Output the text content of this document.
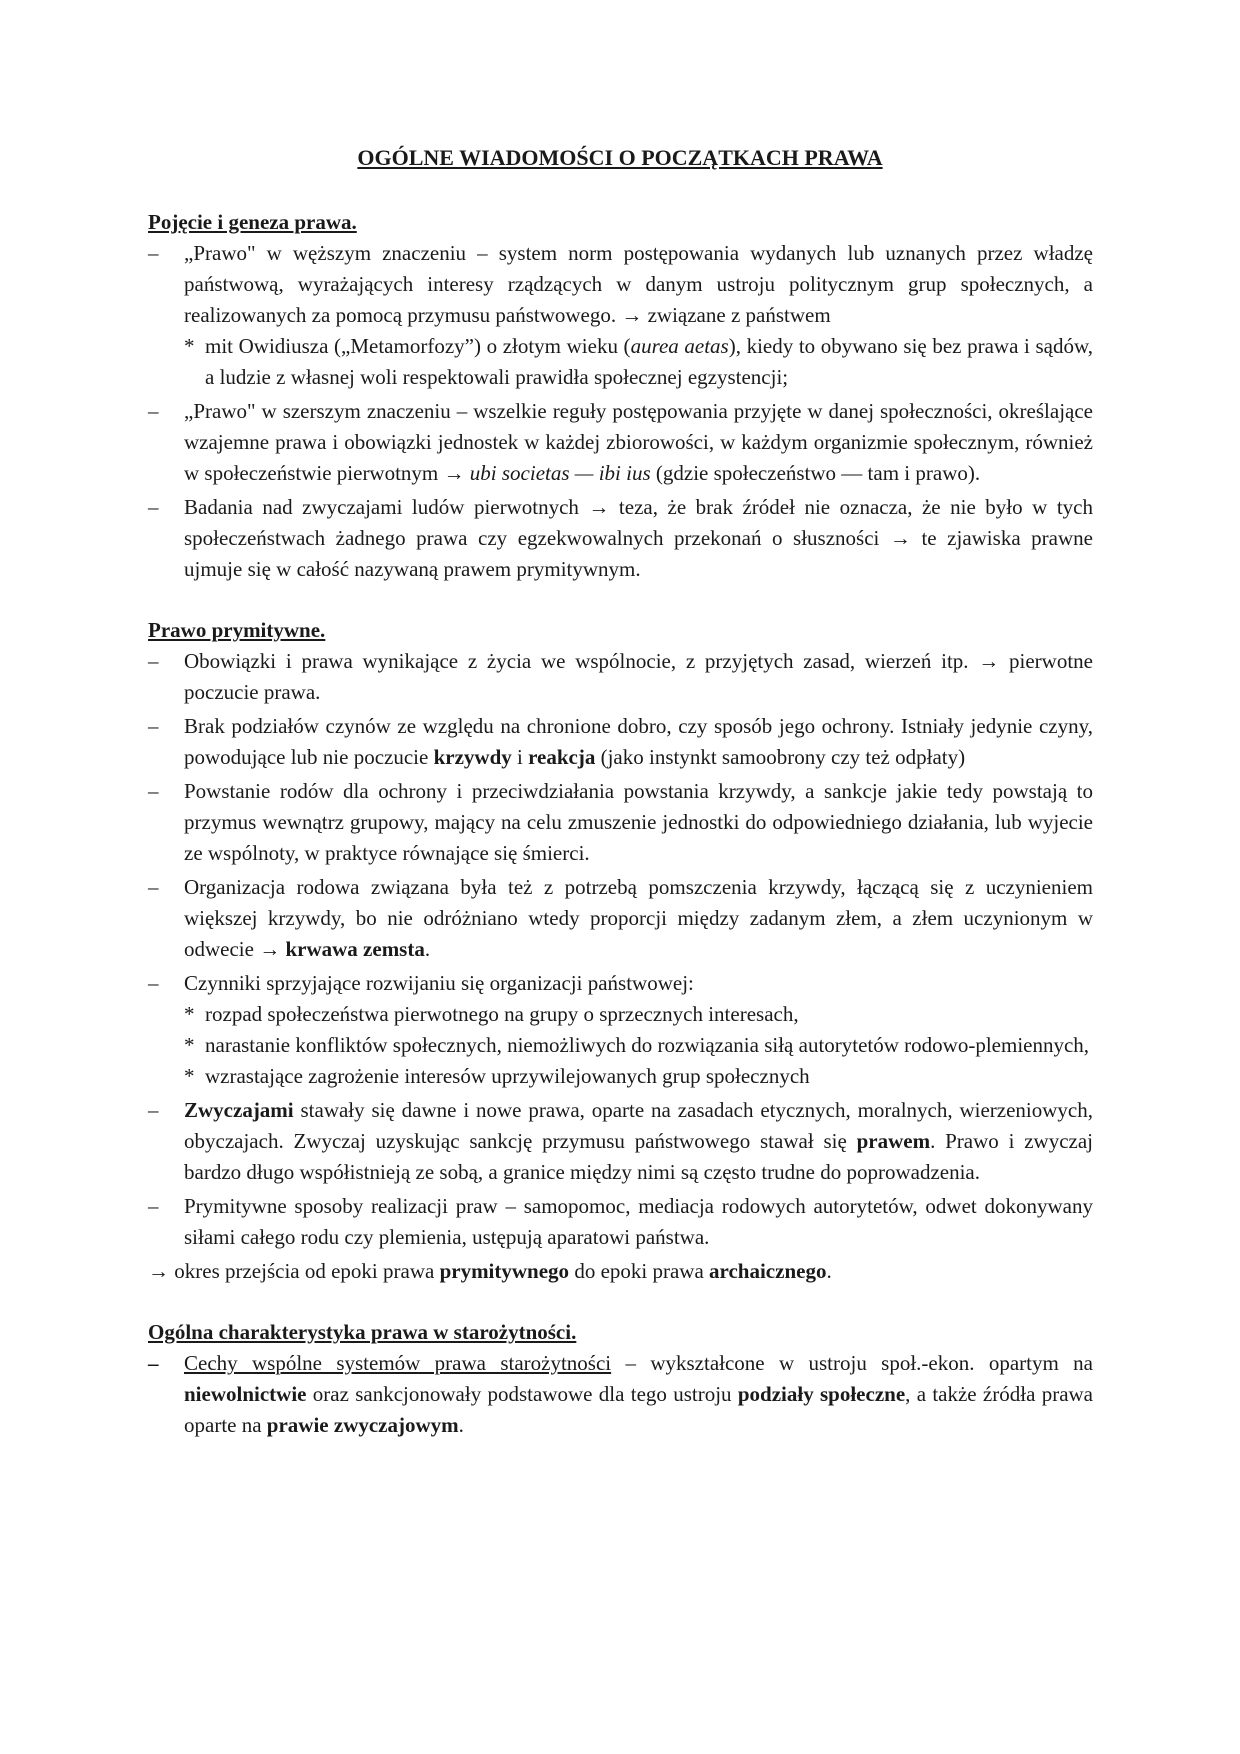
OGÓLNE WIADOMOŚCI O POCZĄTKACH PRAWA
Pojęcie i geneza prawa.
–	„Prawo" w węższym znaczeniu – system norm postępowania wydanych lub uznanych przez władzę państwową, wyrażających interesy rządzących w danym ustroju politycznym grup społecznych, a realizowanych za pomocą przymusu państwowego. → związane z państwem
* mit Owidiusza („Metamorfozy”) o złotym wieku (aurea aetas), kiedy to obywano się bez prawa i sądów, a ludzie z własnej woli respektowali prawidła społecznej egzystencji;
–	„Prawo" w szerszym znaczeniu – wszelkie reguły postępowania przyjęte w danej społeczności, określające wzajemne prawa i obowiązki jednostek w każdej zbiorowości, w każdym organizmie społecznym, również w społeczeństwie pierwotnym → ubi societas — ibi ius (gdzie społeczeństwo — tam i prawo).
–	Badania nad zwyczajami ludów pierwotnych → teza, że brak źródeł nie oznacza, że nie było w tych społeczeństwach żadnego prawa czy egzekwowalnych przekonań o słuszności → te zjawiska prawne ujmuje się w całość nazywaną prawem prymitywnym.
Prawo prymitywne.
–	Obowiązki i prawa wynikające z życia we wspólnocie, z przyjętych zasad, wierzeń itp. → pierwotne poczucie prawa.
–	Brak podziałów czynów ze względu na chronione dobro, czy sposób jego ochrony. Istniały jedynie czyny, powodujące lub nie poczucie krzywdy i reakcja (jako instynkt samoobrony czy też odpłaty)
–	Powstanie rodów dla ochrony i przeciwdziałania powstania krzywdy, a sankcje jakie tedy powstają to przymus wewnątrz grupowy, mający na celu zmuszenie jednostki do odpowiedniego działania, lub wyjecie ze wspólnoty, w praktyce równające się śmierci.
–	Organizacja rodowa związana była też z potrzebą pomszczenia krzywdy, łączącą się z uczynieniem większej krzywdy, bo nie odróżniano wtedy proporcji między zadanym złem, a złem uczynionym w odwecie → krwawa zemsta.
–	Czynniki sprzyjające rozwijaniu się organizacji państwowej:
* rozpad społeczeństwa pierwotnego na grupy o sprzecznych interesach,
* narastanie konfliktów społecznych, niemożliwych do rozwiązania siłą autorytetów rodowo-plemiennych,
* wzrastające zagrożenie interesów uprzywilejowanych grup społecznych
–	Zwyczajami stawały się dawne i nowe prawa, oparte na zasadach etycznych, moralnych, wierzeniowych, obyczajach. Zwyczaj uzyskując sankcję przymusu państwowego stawał się prawem. Prawo i zwyczaj bardzo długo współistnieją ze sobą, a granice między nimi są często trudne do poprowadzenia.
–	Prymitywne sposoby realizacji praw – samopomoc, mediacja rodowych autorytetów, odwet dokonywany siłami całego rodu czy plemienia, ustępują aparatowi państwa.
→ okres przejścia od epoki prawa prymitywnego do epoki prawa archaicznego.
Ogólna charakterystyka prawa w starożytności.
–	Cechy wspólne systemów prawa starożytności – wykształcone w ustroju społ.-ekon. opartym na niewolnictwie oraz sankcjonowały podstawowe dla tego ustroju podziały społeczne, a także źródła prawa oparte na prawie zwyczajowym.
